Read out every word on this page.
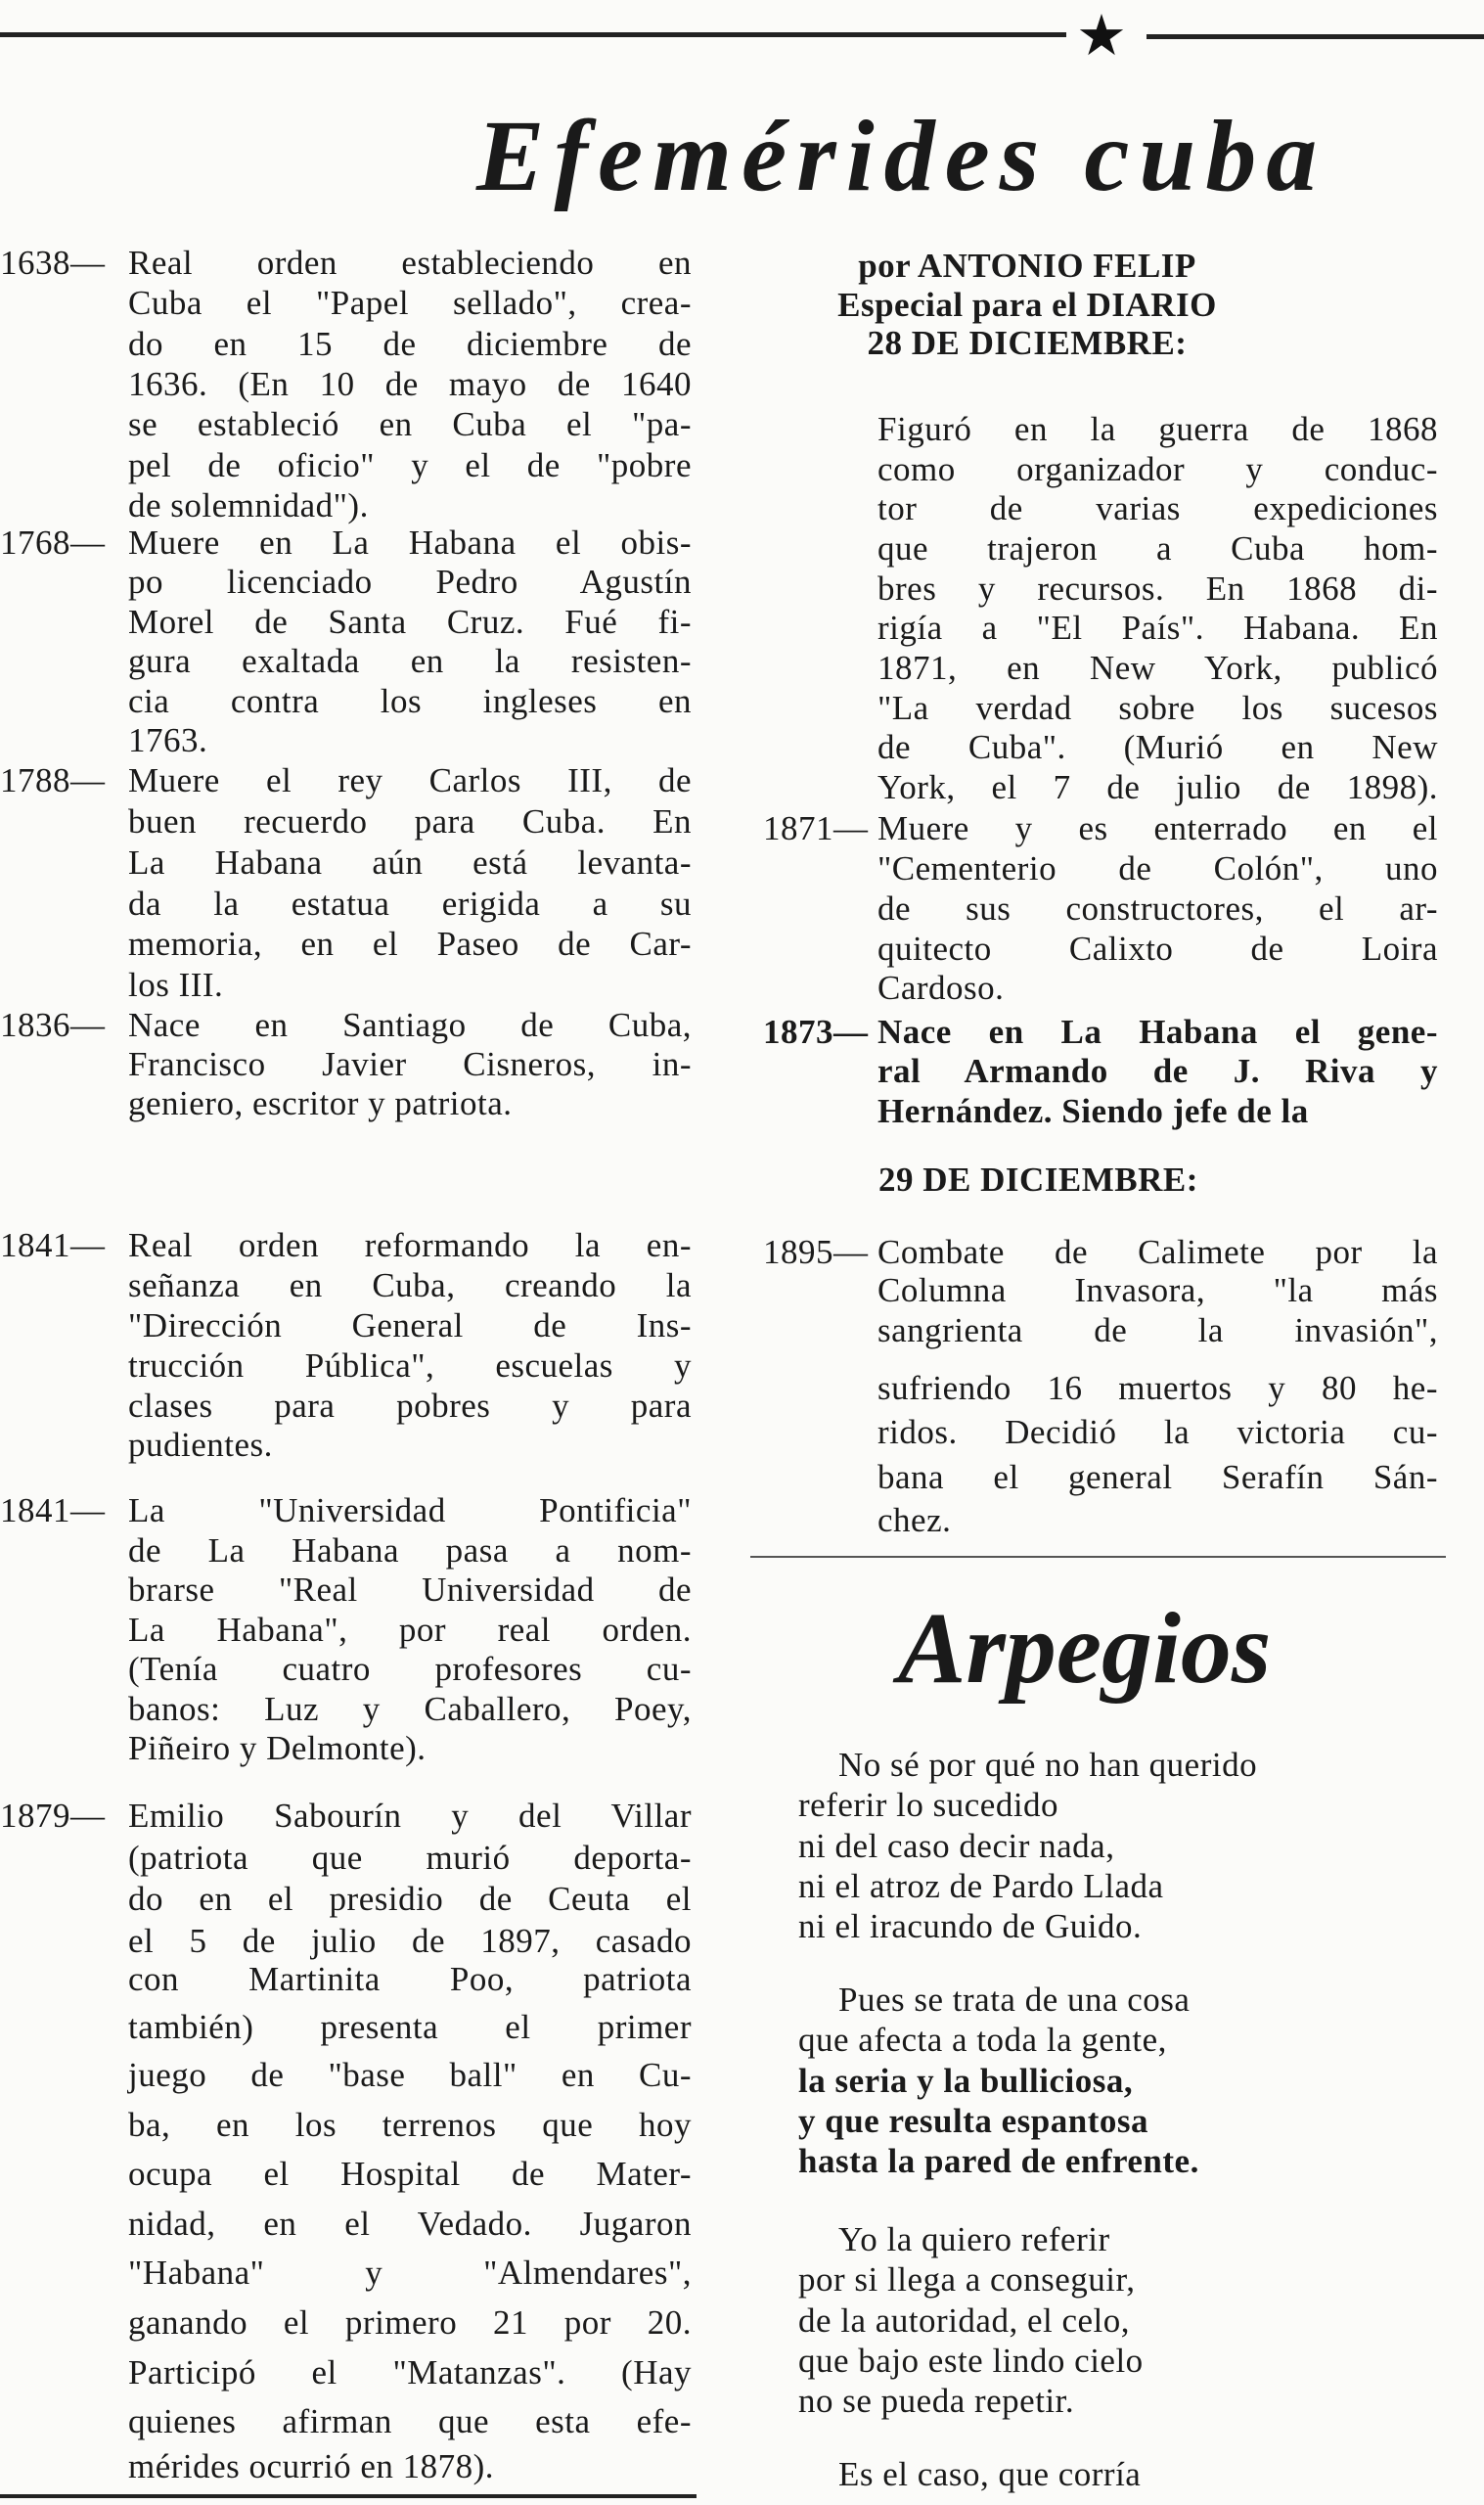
★
Efemérides cuba
1638— Real orden estableciendo en
Cuba el "Papel sellado", crea-
do en 15 de diciembre de
1636. (En 10 de mayo de 1640
se estableció en Cuba el "pa-
pel de oficio" y el de "pobre
de solemnidad").
1768— Muere en La Habana el obis-
po licenciado Pedro Agustín
Morel de Santa Cruz. Fué fi-
gura exaltada en la resisten-
cia contra los ingleses en
1763.
1788— Muere el rey Carlos III, de
buen recuerdo para Cuba. En
La Habana aún está levanta-
da la estatua erigida a su
memoria, en el Paseo de Car-
los III.
1836— Nace en Santiago de Cuba,
Francisco Javier Cisneros, in-
geniero, escritor y patriota.
1841— Real orden reformando la en-
señanza en Cuba, creando la
"Dirección General de Ins-
trucción Pública", escuelas y
clases para pobres y para
pudientes.
1841— La "Universidad Pontificia"
de La Habana pasa a nom-
brarse "Real Universidad de
La Habana", por real orden.
(Tenía cuatro profesores cu-
banos: Luz y Caballero, Poey,
Piñeiro y Delmonte).
1879— Emilio Sabourín y del Villar
(patriota que murió deporta-
do en el presidio de Ceuta el
el 5 de julio de 1897, casado
con Martinita Poo, patriota
también) presenta el primer
juego de "base ball" en Cu-
ba, en los terrenos que hoy
ocupa el Hospital de Mater-
nidad, en el Vedado. Jugaron
"Habana" y "Almendares",
ganando el primero 21 por 20.
Participó el "Matanzas". (Hay
quienes afirman que esta efe-
mérides ocurrió en 1878).
por ANTONIO FELIP
Especial para el DIARIO
28 DE DICIEMBRE:
Figuró en la guerra de 1868
como organizador y conduc-
tor de varias expediciones
que trajeron a Cuba hom-
bres y recursos. En 1868 di-
rigía a "El País". Habana. En
1871, en New York, publicó
"La verdad sobre los sucesos
de Cuba". (Murió en New
York, el 7 de julio de 1898).
1871— Muere y es enterrado en el
"Cementerio de Colón", uno
de sus constructores, el ar-
quitecto Calixto de Loira
Cardoso.
1873— Nace en La Habana el gene-
ral Armando de J. Riva y
Hernández. Siendo jefe de la
1895— Combate de Calimete por la
Columna Invasora, "la más
sangrienta de la invasión",
sufriendo 16 muertos y 80 he-
ridos. Decidió la victoria cu-
bana el general Serafín Sán-
chez.
29 DE DICIEMBRE:
No sé por qué no han querido
referir lo sucedido
ni del caso decir nada,
ni el atroz de Pardo Llada
ni el iracundo de Guido.
Pues se trata de una cosa
que afecta a toda la gente,
la seria y la bulliciosa,
y que resulta espantosa
hasta la pared de enfrente.
Yo la quiero referir
por si llega a conseguir,
de la autoridad, el celo,
que bajo este lindo cielo
no se pueda repetir.
Es el caso, que corría
Arpegios
